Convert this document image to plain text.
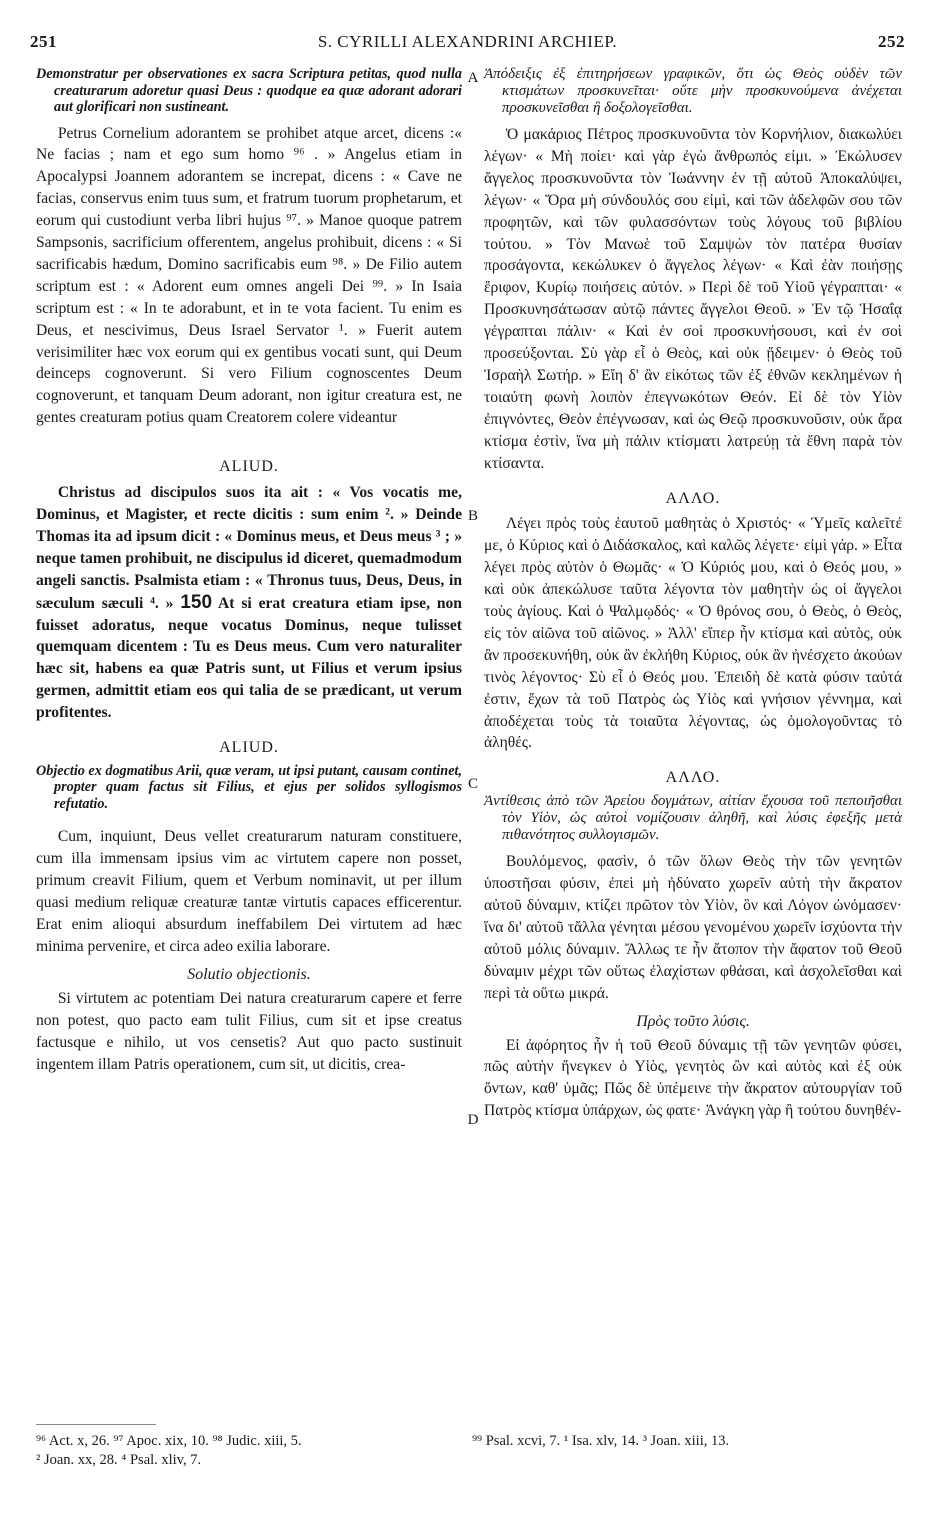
251	S. CYRILLI ALEXANDRINI ARCHIEP.	252

Demonstratur per observationes ex sacra Scriptura petitas, quod nulla creaturarum adoretur quasi Deus : quodque ea quæ adorant adorari aut glorificari non sustineant.

Petrus Cornelium adorantem se prohibet atque arcet, dicens :« Ne facias ; nam et ego sum homo ⁹⁶ . » Angelus etiam in Apocalypsi Joannem adorantem se increpat, dicens : « Cave ne facias, conservus enim tuus sum, et fratrum tuorum prophetarum, et eorum qui custodiunt verba libri hujus ⁹⁷. » Manoe quoque patrem Sampsonis, sacrificium offerentem, angelus prohibuit, dicens : « Si sacrificabis hædum, Domino sacrificabis eum ⁹⁸. » De Filio autem scriptum est : « Adorent eum omnes angeli Dei ⁹⁹. » In Isaia scriptum est : « In te adorabunt, et in te vota facient. Tu enim es Deus, et nescivimus, Deus Israel Servator ¹. » Fuerit autem verisimiliter hæc vox eorum qui ex gentibus vocati sunt, qui Deum deinceps cognoverunt. Si vero Filium cognoscentes Deum cognoverunt, et tanquam Deum adorant, non igitur creatura est, ne gentes creaturam potius quam Creatorem colere videantur

ALIUD.

Christus ad discipulos suos ita ait : « Vos vocatis me, Dominus, et Magister, et recte dicitis : sum enim ². » Deinde Thomas ita ad ipsum dicit : « Dominus meus, et Deus meus ³ ; » neque tamen prohibuit, ne discipulus id diceret, quemadmodum angeli sanctis. Psalmista etiam : « Thronus tuus, Deus, Deus, in sæculum sæculi ⁴. » 150 At si erat creatura etiam ipse, non fuisset adoratus, neque vocatus Dominus, neque tulisset quemquam dicentem : Tu es Deus meus. Cum vero naturaliter hæc sit, habens ea quæ Patris sunt, ut Filius et verum ipsius germen, admittit etiam eos qui talia de se prædicant, ut verum profitentes.

ALIUD.

Objectio ex dogmatibus Arii, quæ veram, ut ipsi putant, causam continet, propter quam factus sit Filius, et ejus per solidos syllogismos refutatio.

Cum, inquiunt, Deus vellet creaturarum naturam constituere, cum illa immensam ipsius vim ac virtutem capere non posset, primum creavit Filium, quem et Verbum nominavit, ut per illum quasi medium reliquæ creaturæ tantæ virtutis capaces efficerentur. Erat enim alioqui absurdum ineffabilem Dei virtutem ad hæc minima pervenire, et circa adeo exilia laborare.

Solutio objectionis.

Si virtutem ac potentiam Dei natura creaturarum capere et ferre non potest, quo pacto eam tulit Filius, cum sit et ipse creatus factusque e nihilo, ut vos censetis? Aut quo pacto sustinuit ingentem illam Patris operationem, cum sit, ut dicitis, crea-

A
B
C
D

Ἀπόδειξις ἐξ ἐπιτηρήσεων γραφικῶν, ὅτι ὡς Θεὸς οὐδὲν τῶν κτισμάτων προσκυνεῖται· οὔτε μὴν προσκυνούμενα ἀνέχεται προσκυνεῖσθαι ἢ δοξολογεῖσθαι.

Ὁ μακάριος Πέτρος προσκυνοῦντα τὸν Κορνήλιον, διακωλύει λέγων· « Μὴ ποίει· καὶ γὰρ ἐγὼ ἄνθρωπός εἰμι. » Ἐκώλυσεν ἄγγελος προσκυνοῦντα τὸν Ἰωάννην ἐν τῇ αὐτοῦ Ἀποκαλύψει, λέγων· « Ὅρα μὴ σύνδουλός σου εἰμὶ, καὶ τῶν ἀδελφῶν σου τῶν προφητῶν, καὶ τῶν φυλασσόντων τοὺς λόγους τοῦ βιβλίου τούτου. » Τὸν Μανωὲ τοῦ Σαμψὼν τὸν πατέρα θυσίαν προσάγοντα, κεκώλυκεν ὁ ἄγγελος λέγων· « Καὶ ἐὰν ποιήσῃς ἔριφον, Κυρίῳ ποιήσεις αὐτόν. » Περὶ δὲ τοῦ Υἱοῦ γέγραπται· « Προσκυνησάτωσαν αὐτῷ πάντες ἄγγελοι Θεοῦ. » Ἐν τῷ Ἡσαΐᾳ γέγραπται πάλιν· « Καὶ ἐν σοὶ προσκυνήσουσι, καὶ ἐν σοὶ προσεύξονται. Σὺ γὰρ εἶ ὁ Θεὸς, καὶ οὐκ ᾔδειμεν· ὁ Θεὸς τοῦ Ἰσραὴλ Σωτήρ. » Εἴη δ' ἂν εἰκότως τῶν ἐξ ἐθνῶν κεκλημένων ἡ τοιαύτη φωνὴ λοιπὸν ἐπεγνωκότων Θεόν. Εἰ δὲ τὸν Υἱὸν ἐπιγνόντες, Θεὸν ἐπέγνωσαν, καὶ ὡς Θεῷ προσκυνοῦσιν, οὐκ ἄρα κτίσμα ἐστὶν, ἵνα μὴ πάλιν κτίσματι λατρεύῃ τὰ ἔθνη παρὰ τὸν κτίσαντα.

ΑΛΛΟ.

Λέγει πρὸς τοὺς ἑαυτοῦ μαθητὰς ὁ Χριστός· « Ὑμεῖς καλεῖτέ με, ὁ Κύριος καὶ ὁ Διδάσκαλος, καὶ καλῶς λέγετε· εἰμὶ γάρ. » Εἶτα λέγει πρὸς αὐτὸν ὁ Θωμᾶς· « Ὁ Κύριός μου, καὶ ὁ Θεός μου, » καὶ οὐκ ἀπεκώλυσε ταῦτα λέγοντα τὸν μαθητὴν ὡς οἱ ἄγγελοι τοὺς ἁγίους. Καὶ ὁ Ψαλμῳδός· « Ὁ θρόνος σου, ὁ Θεὸς, ὁ Θεὸς, εἰς τὸν αἰῶνα τοῦ αἰῶνος. » Ἀλλ' εἴπερ ἦν κτίσμα καὶ αὐτὸς, οὐκ ἂν προσεκυνήθη, οὐκ ἂν ἐκλήθη Κύριος, οὐκ ἂν ἠνέσχετο ἀκούων τινὸς λέγοντος· Σὺ εἶ ὁ Θεός μου. Ἐπειδὴ δὲ κατὰ φύσιν ταὐτά ἐστιν, ἔχων τὰ τοῦ Πατρὸς ὡς Υἱὸς καὶ γνήσιον γέννημα, καὶ ἀποδέχεται τοὺς τὰ τοιαῦτα λέγοντας, ὡς ὁμολογοῦντας τὸ ἀληθές.

ΑΛΛΟ.

Ἀντίθεσις ἀπὸ τῶν Ἀρείου δογμάτων, αἰτίαν ἔχουσα τοῦ πεποιῆσθαι τὸν Υἱὸν, ὡς αὐτοὶ νομίζουσιν ἀληθῆ, καὶ λύσις ἐφεξῆς μετὰ πιθανότητος συλλογισμῶν.

Βουλόμενος, φασὶν, ὁ τῶν ὅλων Θεὸς τὴν τῶν γενητῶν ὑποστῆσαι φύσιν, ἐπεὶ μὴ ἠδύνατο χωρεῖν αὐτὴ τὴν ἄκρατον αὐτοῦ δύναμιν, κτίζει πρῶτον τὸν Υἱὸν, ὃν καὶ Λόγον ὠνόμασεν· ἵνα δι' αὐτοῦ τἄλλα γένηται μέσου γενομένου χωρεῖν ἰσχύοντα τὴν αὐτοῦ μόλις δύναμιν. Ἄλλως τε ἦν ἄτοπον τὴν ἄφατον τοῦ Θεοῦ δύναμιν μέχρι τῶν οὕτως ἐλαχίστων φθάσαι, καὶ ἀσχολεῖσθαι καὶ περὶ τὰ οὕτω μικρά.

Πρὸς τοῦτο λύσις.

Εἰ ἀφόρητος ἦν ἡ τοῦ Θεοῦ δύναμις τῇ τῶν γενητῶν φύσει, πῶς αὐτὴν ἤνεγκεν ὁ Υἱὸς, γενητὸς ὢν καὶ αὐτὸς καὶ ἐξ οὐκ ὄντων, καθ' ὑμᾶς; Πῶς δὲ ὑπέμεινε τὴν ἄκρατον αὐτουργίαν τοῦ Πατρὸς κτίσμα ὑπάρχων, ὡς φατε· Ἀνάγκη γὰρ ἢ τούτου δυνηθέν-

⁹⁶ Act. x, 26. ⁹⁷ Apoc. xix, 10. ⁹⁸ Judic. xiii, 5.
² Joan. xx, 28. ⁴ Psal. xliv, 7.
⁹⁹ Psal. xcvi, 7. ¹ Isa. xlv, 14. ³ Joan. xiii, 13.
